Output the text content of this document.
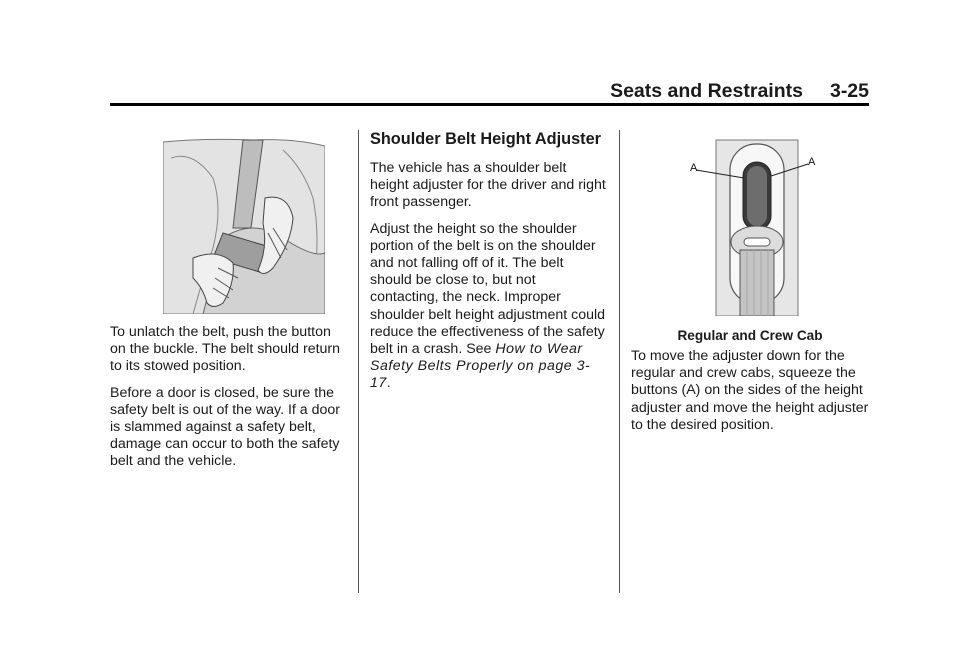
Seats and Restraints 3-25

To unlatch the belt, push the button on the buckle. The belt should return to its stowed position.

Before a door is closed, be sure the safety belt is out of the way. If a door is slammed against a safety belt, damage can occur to both the safety belt and the vehicle.

Shoulder Belt Height Adjuster

The vehicle has a shoulder belt height adjuster for the driver and right front passenger.

Adjust the height so the shoulder portion of the belt is on the shoulder and not falling off of it. The belt should be close to, but not contacting, the neck. Improper shoulder belt height adjustment could reduce the effectiveness of the safety belt in a crash. See How to Wear Safety Belts Properly on page 3-17.

A	A
Regular and Crew Cab

To move the adjuster down for the regular and crew cabs, squeeze the buttons (A) on the sides of the height adjuster and move the height adjuster to the desired position.
